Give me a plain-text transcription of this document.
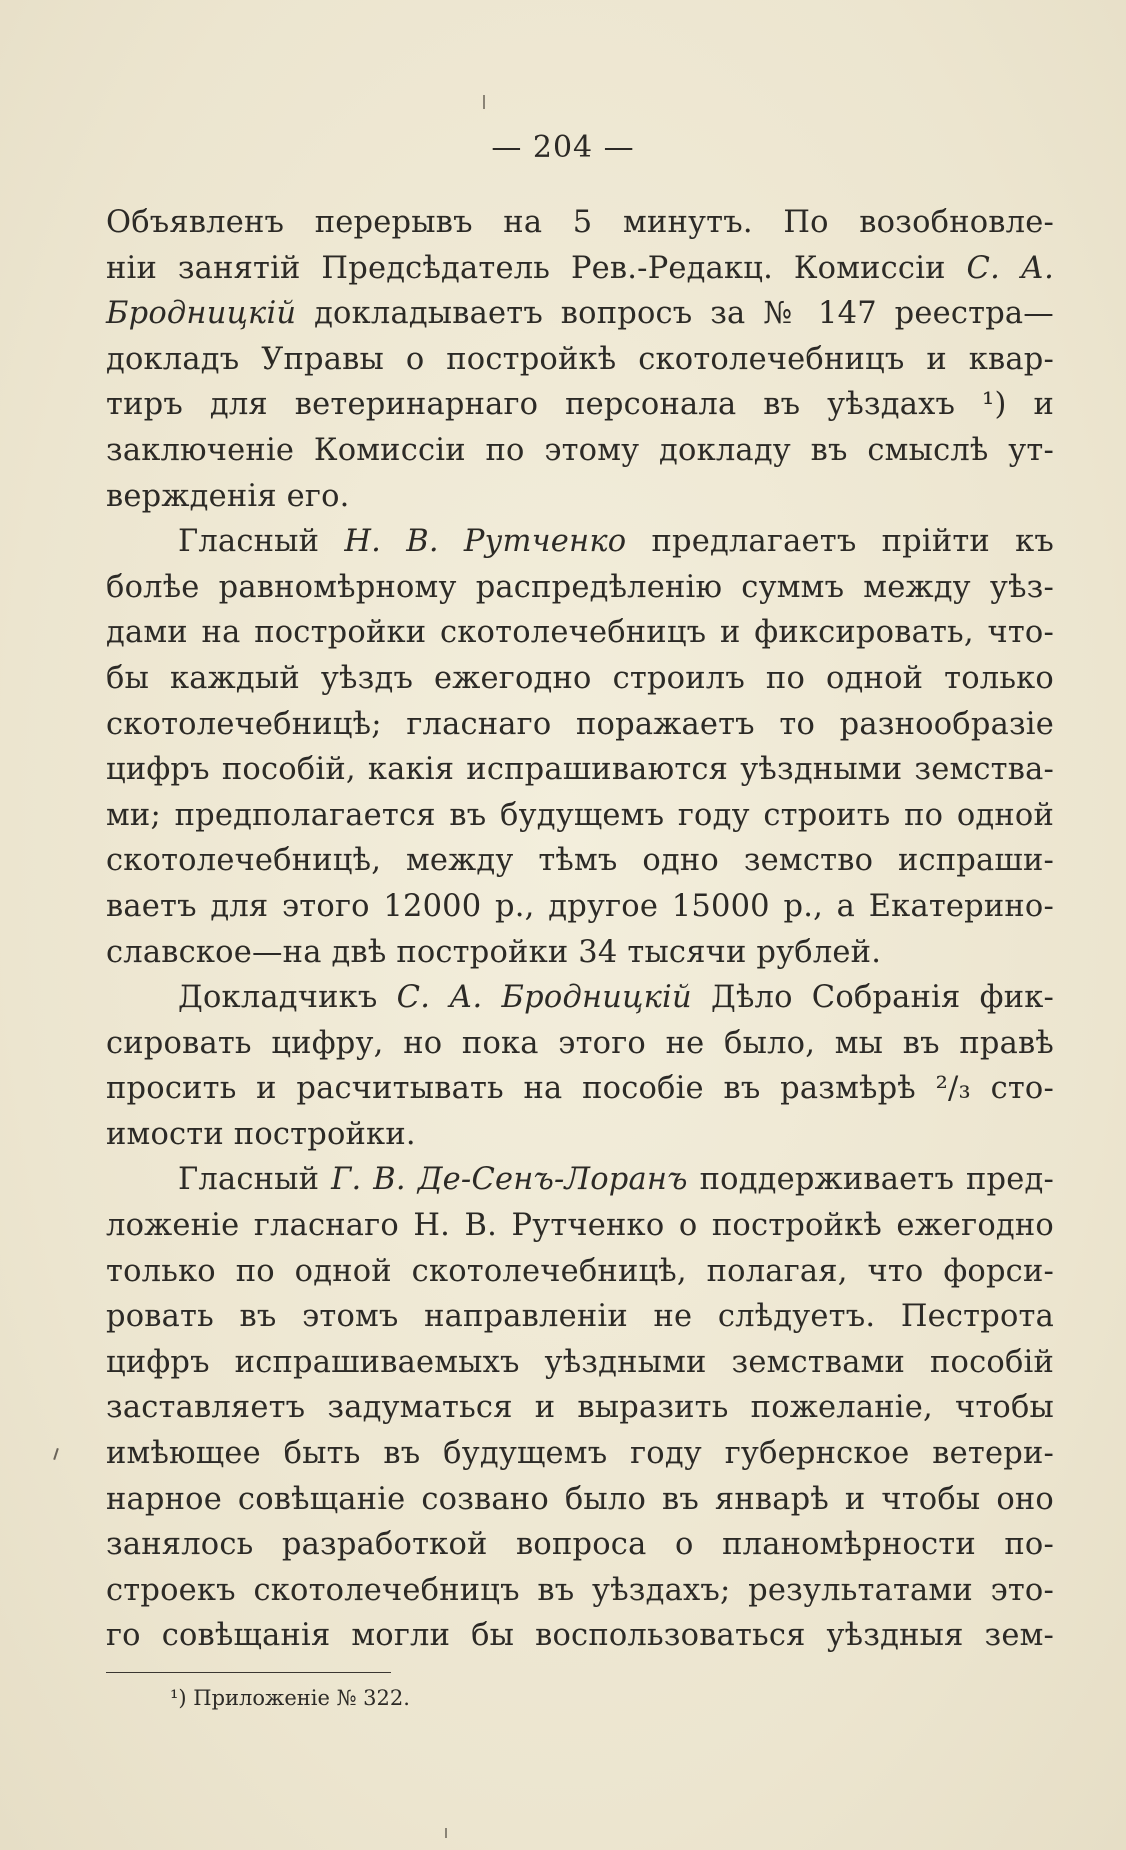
— 204 —
Объявленъ перерывъ на 5 минутъ. По возобновле-
нiи занятiй Предсѣдатель Рев.-Редакц. Комиссiи С. А.
Бродницкiй докладываетъ вопросъ за № 147 реестра—
докладъ Управы о постройкѣ скотолечебницъ и квар-
тиръ для ветеринарнаго персонала въ уѣздахъ ¹) и
заключенiе Комиссiи по этому докладу въ смыслѣ ут-
вержденiя его.
Гласный Н. В. Рутченко предлагаетъ прiйти къ
болѣе равномѣрному распредѣленiю суммъ между уѣз-
дами на постройки скотолечебницъ и фиксировать, что-
бы каждый уѣздъ ежегодно строилъ по одной только
скотолечебницѣ; гласнаго поражаетъ то разнообразiе
цифръ пособiй, какiя испрашиваются уѣздными земства-
ми; предполагается въ будущемъ году строить по одной
скотолечебницѣ, между тѣмъ одно земство испраши-
ваетъ для этого 12000 р., другое 15000 р., а Екатерино-
славское—на двѣ постройки 34 тысячи рублей.
Докладчикъ С. А. Бродницкiй Дѣло Собранiя фик-
сировать цифру, но пока этого не было, мы въ правѣ
просить и расчитывать на пособiе въ размѣрѣ ²/₃ сто-
имости постройки.
Гласный Г. В. Де-Сенъ-Лоранъ поддерживаетъ пред-
ложенiе гласнаго Н. В. Рутченко о постройкѣ ежегодно
только по одной скотолечебницѣ, полагая, что форси-
ровать въ этомъ направленiи не слѣдуетъ. Пестрота
цифръ испрашиваемыхъ уѣздными земствами пособiй
заставляетъ задуматься и выразить пожеланiе, чтобы
имѣющее быть въ будущемъ году губернское ветери-
нарное совѣщанiе созвано было въ январѣ и чтобы оно
занялось разработкой вопроса о планомѣрности по-
строекъ скотолечебницъ въ уѣздахъ; результатами это-
го совѣщанiя могли бы воспользоваться уѣздныя зем-
¹) Приложенiе № 322.
